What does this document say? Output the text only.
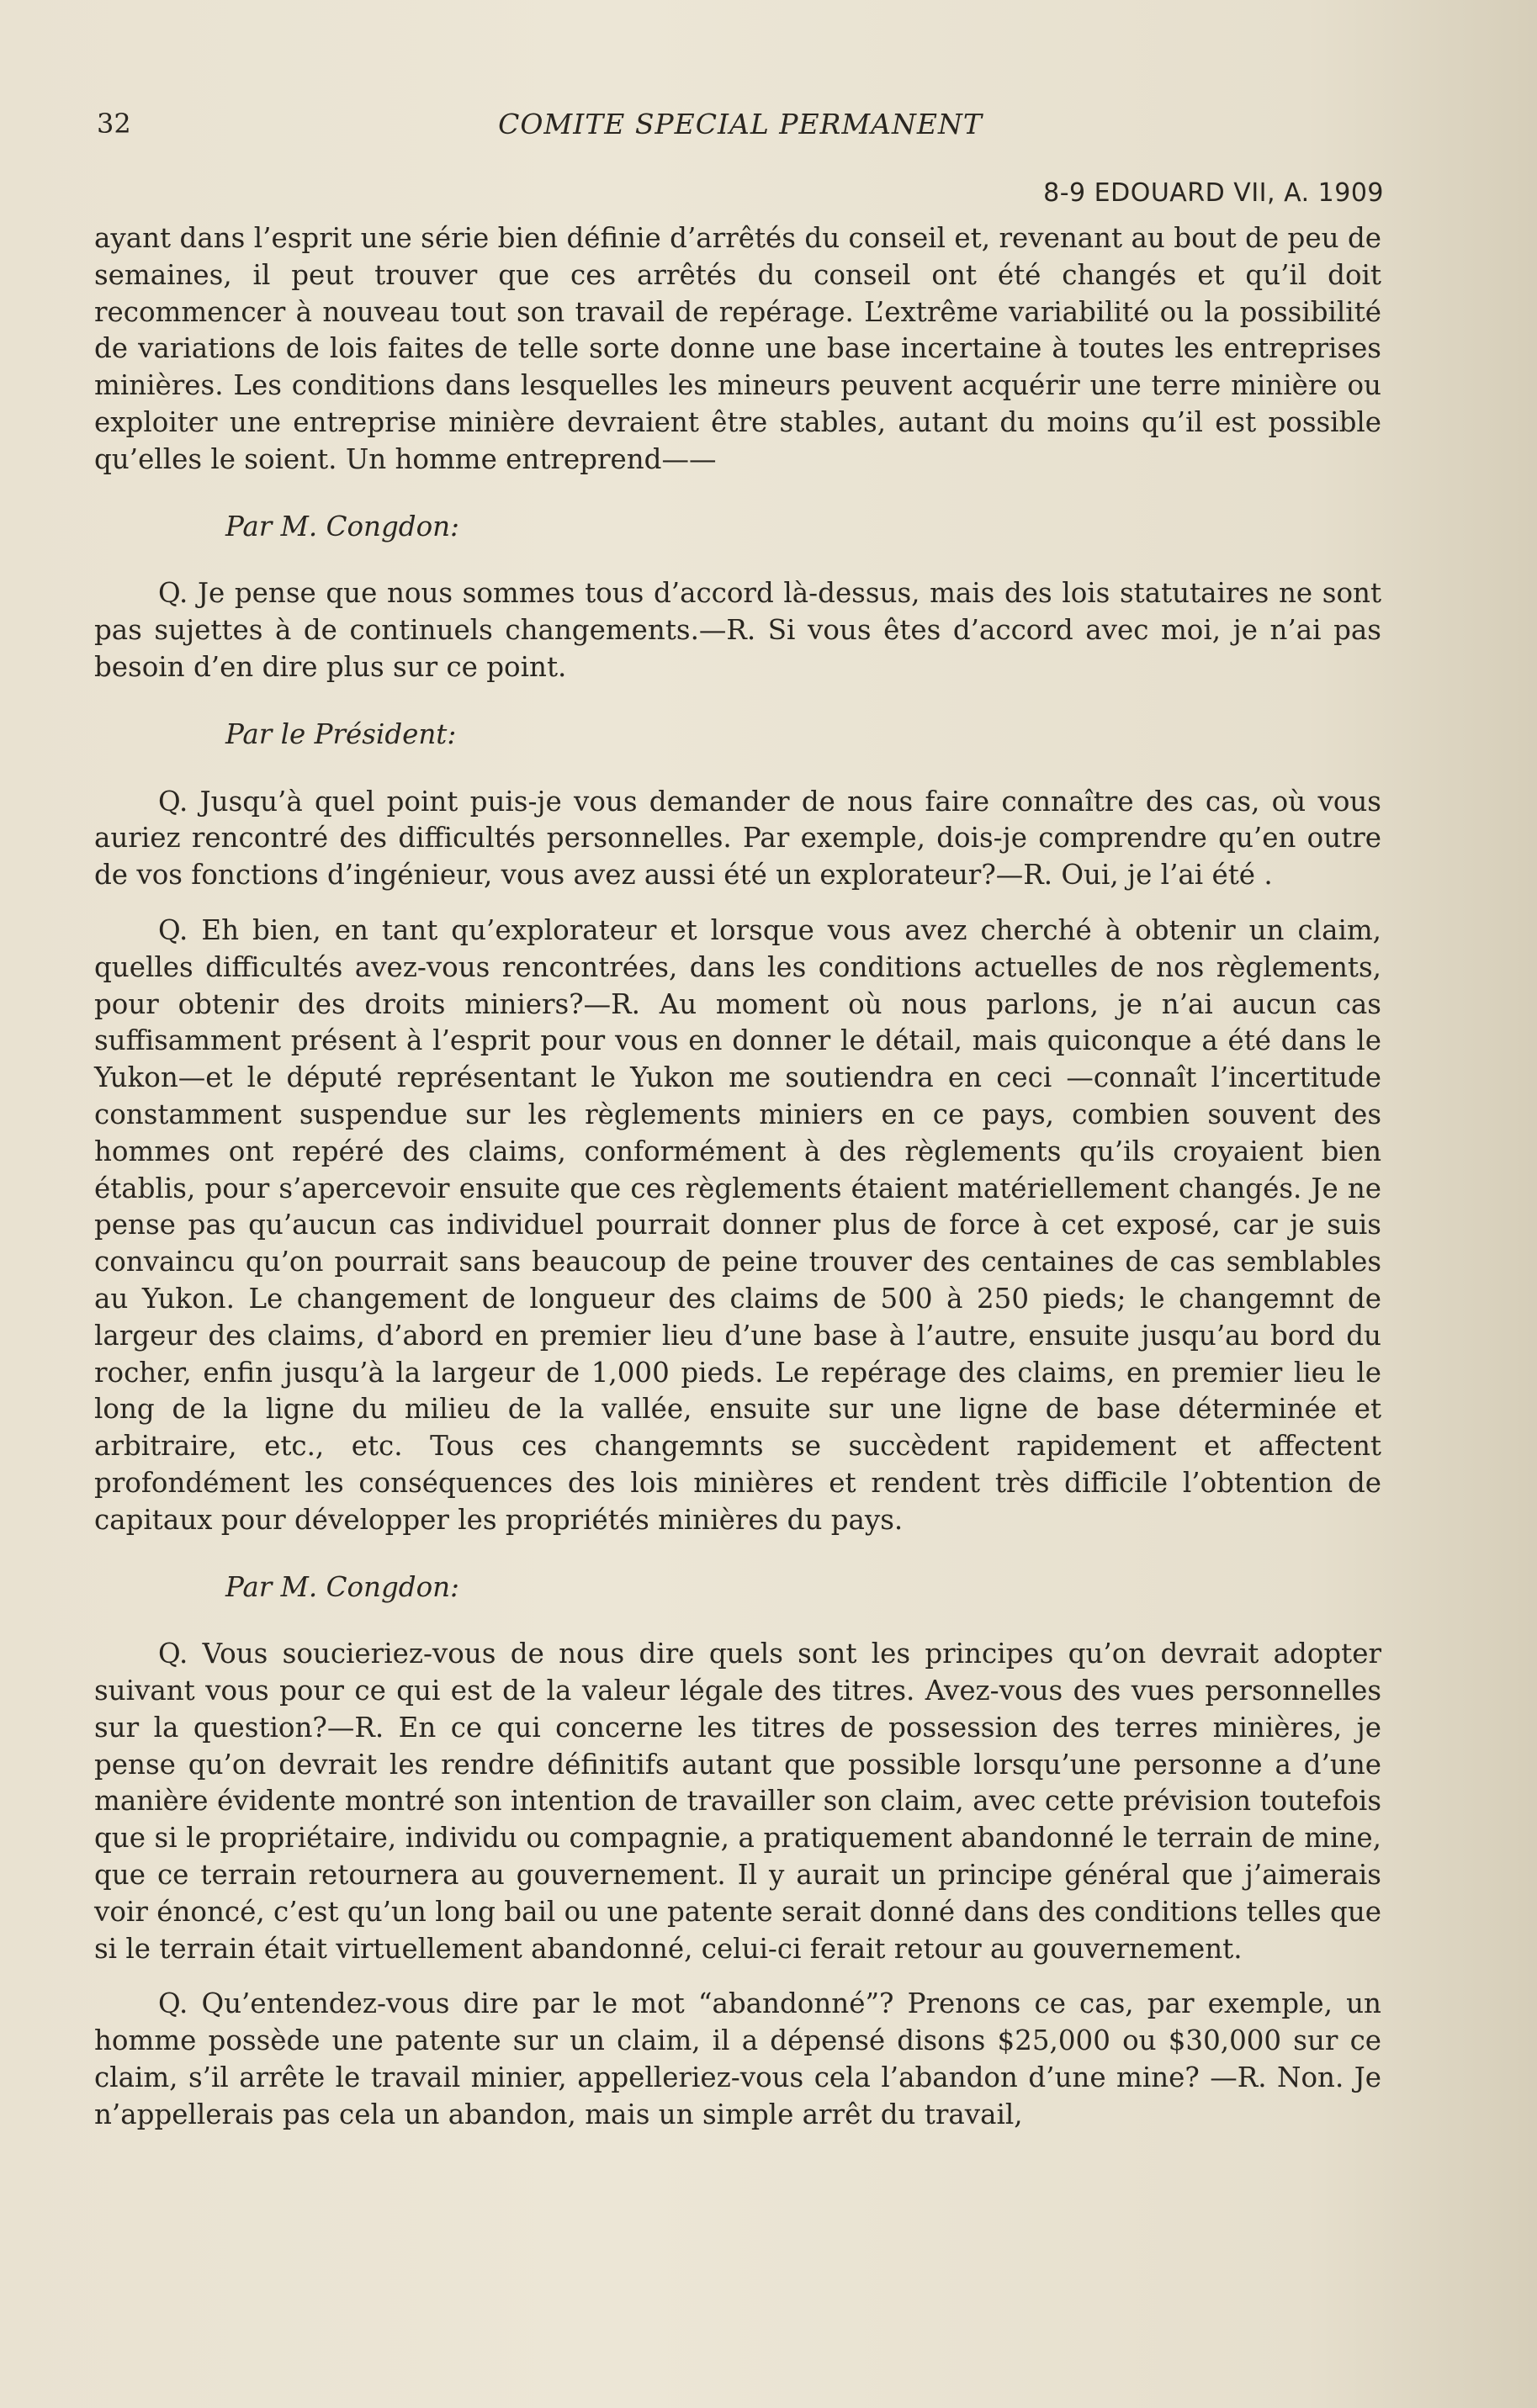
32	COMITE SPECIAL PERMANENT
8-9 EDOUARD VII, A. 1909

ayant dans l’esprit une série bien définie d’arrêtés du conseil et, revenant au bout de peu de semaines, il peut trouver que ces arrêtés du conseil ont été changés et qu’il doit recommencer à nouveau tout son travail de repérage. L’extrême variabilité ou la possibilité de variations de lois faites de telle sorte donne une base incertaine à toutes les entreprises minières. Les conditions dans lesquelles les mineurs peuvent acquérir une terre minière ou exploiter une entreprise minière devraient être stables, autant du moins qu’il est possible qu’elles le soient. Un homme entreprend——

Par M. Congdon:

Q. Je pense que nous sommes tous d’accord là-dessus, mais des lois statutaires ne sont pas sujettes à de continuels changements.—R. Si vous êtes d’accord avec moi, je n’ai pas besoin d’en dire plus sur ce point.

Par le Président:

Q. Jusqu’à quel point puis-je vous demander de nous faire connaître des cas, où vous auriez rencontré des difficultés personnelles. Par exemple, dois-je comprendre qu’en outre de vos fonctions d’ingénieur, vous avez aussi été un explorateur?—R. Oui, je l’ai été .

Q. Eh bien, en tant qu’explorateur et lorsque vous avez cherché à obtenir un claim, quelles difficultés avez-vous rencontrées, dans les conditions actuelles de nos règlements, pour obtenir des droits miniers?—R. Au moment où nous parlons, je n’ai aucun cas suffisamment présent à l’esprit pour vous en donner le détail, mais quiconque a été dans le Yukon—et le député représentant le Yukon me soutiendra en ceci —connaît l’incertitude constamment suspendue sur les règlements miniers en ce pays, combien souvent des hommes ont repéré des claims, conformément à des règlements qu’ils croyaient bien établis, pour s’apercevoir ensuite que ces règlements étaient matériellement changés. Je ne pense pas qu’aucun cas individuel pourrait donner plus de force à cet exposé, car je suis convaincu qu’on pourrait sans beaucoup de peine trouver des centaines de cas semblables au Yukon. Le changement de longueur des claims de 500 à 250 pieds; le changemnt de largeur des claims, d’abord en premier lieu d’une base à l’autre, ensuite jusqu’au bord du rocher, enfin jusqu’à la largeur de 1,000 pieds. Le repérage des claims, en premier lieu le long de la ligne du milieu de la vallée, ensuite sur une ligne de base déterminée et arbitraire, etc., etc. Tous ces changemnts se succèdent rapidement et affectent profondément les conséquences des lois minières et rendent très difficile l’obtention de capitaux pour développer les propriétés minières du pays.

Par M. Congdon:

Q. Vous soucieriez-vous de nous dire quels sont les principes qu’on devrait adopter suivant vous pour ce qui est de la valeur légale des titres. Avez-vous des vues personnelles sur la question?—R. En ce qui concerne les titres de possession des terres minières, je pense qu’on devrait les rendre définitifs autant que possible lorsqu’une personne a d’une manière évidente montré son intention de travailler son claim, avec cette prévision toutefois que si le propriétaire, individu ou compagnie, a pratiquement abandonné le terrain de mine, que ce terrain retournera au gouvernement. Il y aurait un principe général que j’aimerais voir énoncé, c’est qu’un long bail ou une patente serait donné dans des conditions telles que si le terrain était virtuellement abandonné, celui-ci ferait retour au gouvernement.

Q. Qu’entendez-vous dire par le mot “abandonné”? Prenons ce cas, par exemple, un homme possède une patente sur un claim, il a dépensé disons $25,000 ou $30,000 sur ce claim, s’il arrête le travail minier, appelleriez-vous cela l’abandon d’une mine? —R. Non. Je n’appellerais pas cela un abandon, mais un simple arrêt du travail,
